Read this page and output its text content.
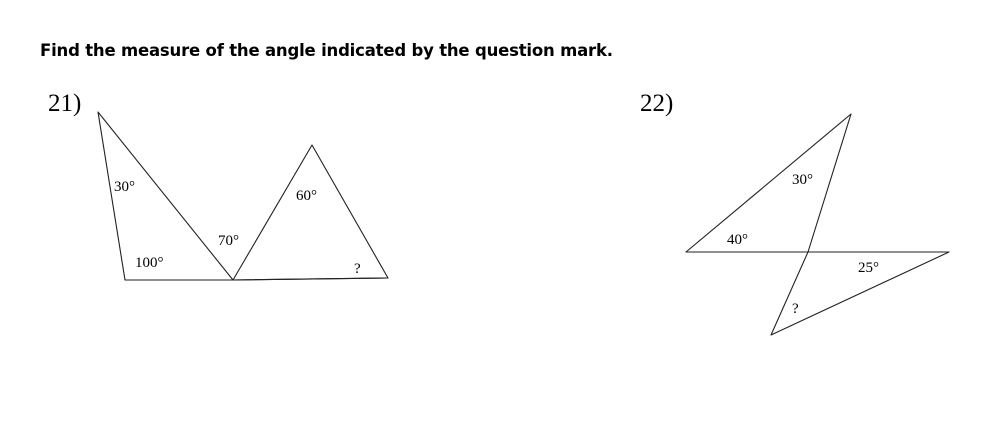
Find the measure of the angle indicated by the question mark.
21)	22)
30°
100°
70°
60°
?
40°
30°
25°
?
